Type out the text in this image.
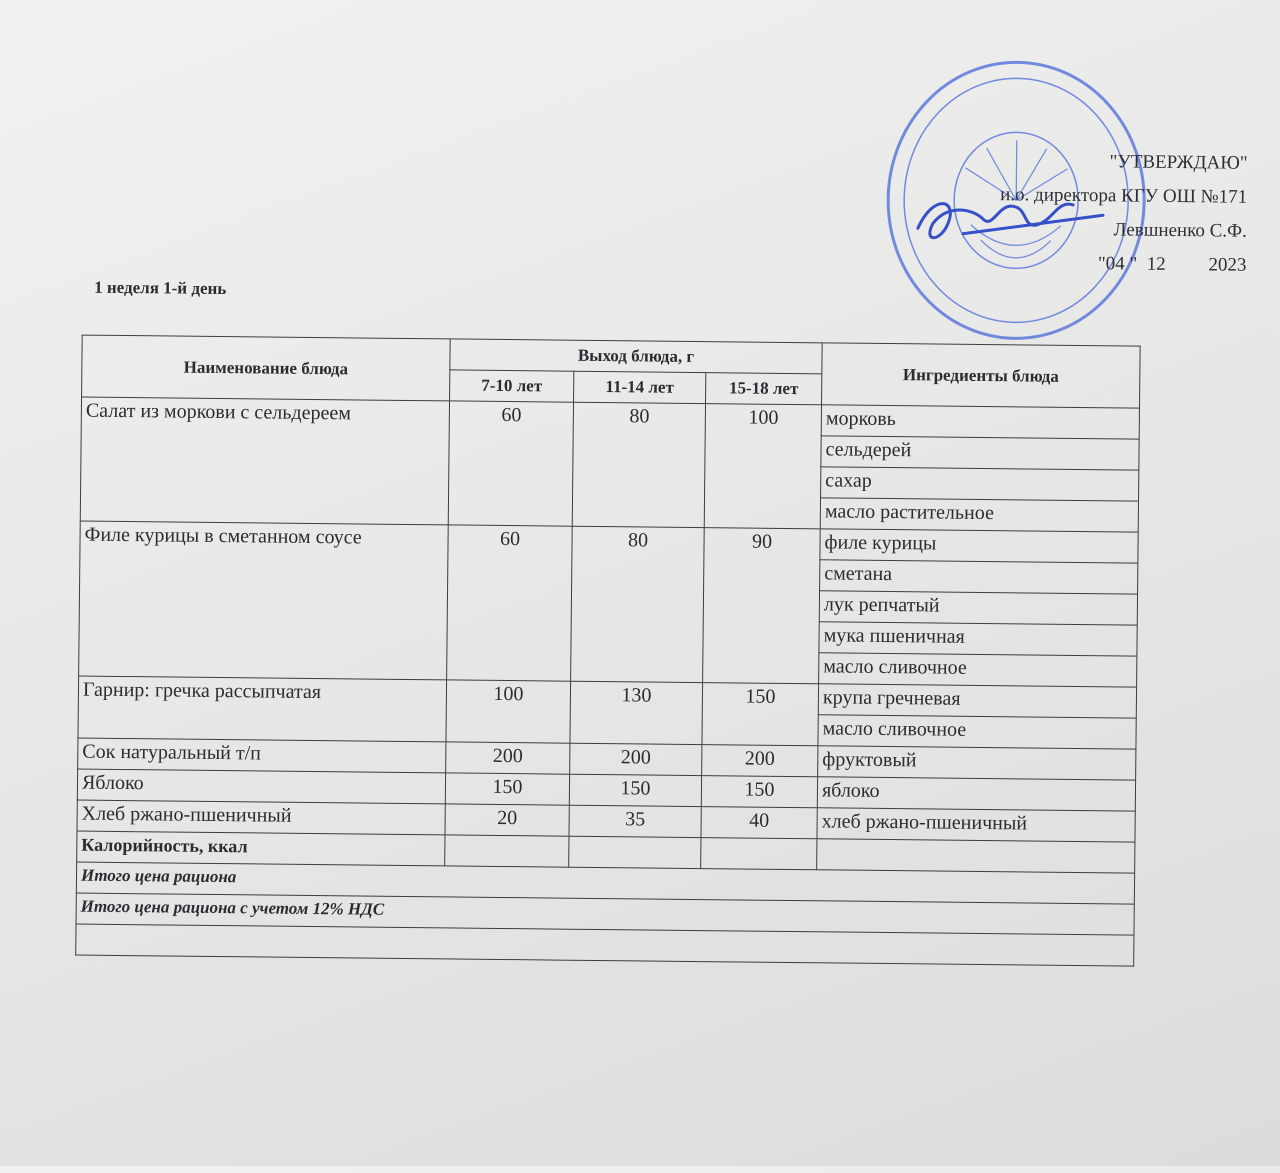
"УТВЕРЖДАЮ"
и.о. директора КГУ ОШ №171
Левшненко С.Ф.
"04 "  12         2023
1 неделя 1-й день
Наименование блюда	Выход блюда, г			Ингредиенты блюда
	7-10 лет	11-14 лет	15-18 лет	
Салат из моркови с сельдереем	60	80	100	морковь
				сельдерей
				сахар
				масло растительное
Филе курицы в сметанном соусе	60	80	90	филе курицы
				сметана
				лук репчатый
				мука пшеничная
				масло сливочное
Гарнир: гречка рассыпчатая	100	130	150	крупа гречневая
				масло сливочное
Сок натуральный т/п	200	200	200	фруктовый
Яблоко	150	150	150	яблоко
Хлеб ржано-пшеничный	20	35	40	хлеб ржано-пшеничный
Калорийность, ккал				
Итого цена рациона				
Итого цена рациона с учетом 12% НДС				
